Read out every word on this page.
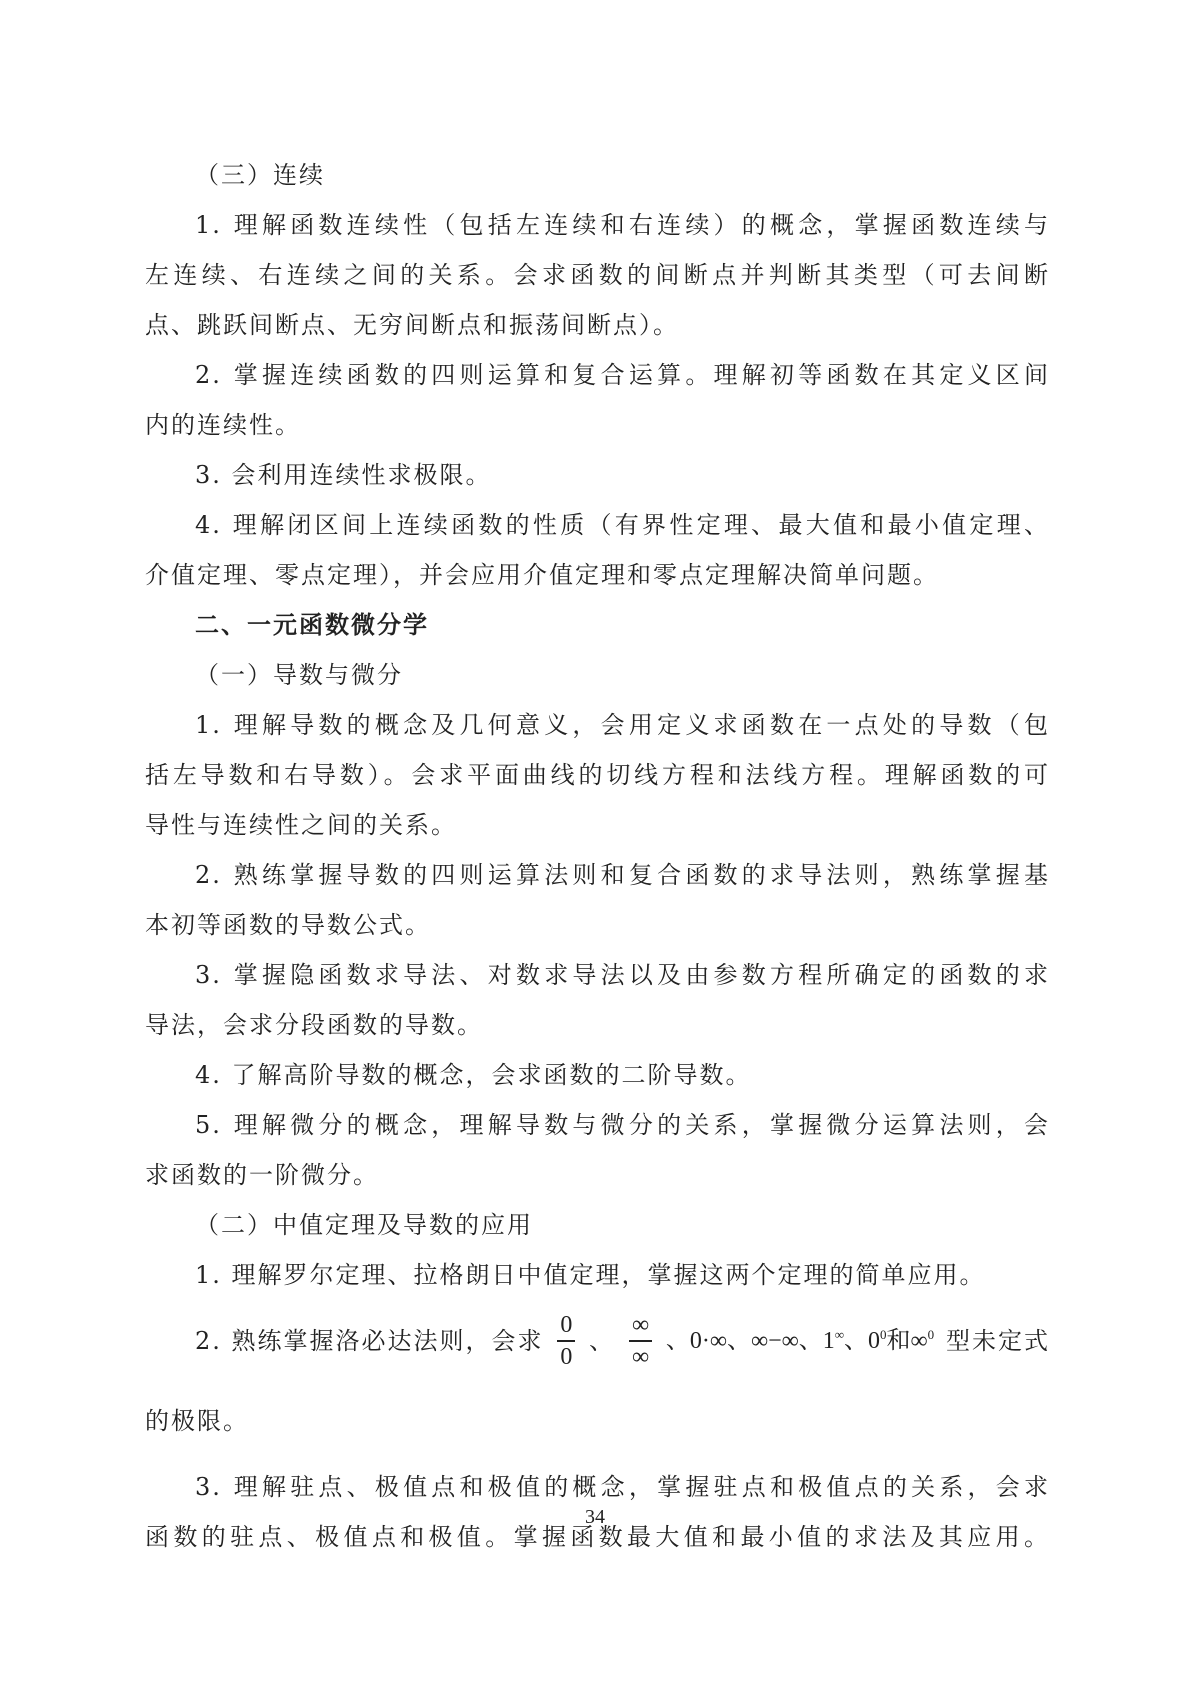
（三）连续
1. 理解函数连续性（包括左连续和右连续）的概念，掌握函数连续与
左连续、右连续之间的关系。会求函数的间断点并判断其类型（可去间断
点、跳跃间断点、无穷间断点和振荡间断点）。
2. 掌握连续函数的四则运算和复合运算。理解初等函数在其定义区间
内的连续性。
3. 会利用连续性求极限。
4. 理解闭区间上连续函数的性质（有界性定理、最大值和最小值定理、
介值定理、零点定理），并会应用介值定理和零点定理解决简单问题。
二、一元函数微分学
（一）导数与微分
1. 理解导数的概念及几何意义，会用定义求函数在一点处的导数（包
括左导数和右导数）。会求平面曲线的切线方程和法线方程。理解函数的可
导性与连续性之间的关系。
2. 熟练掌握导数的四则运算法则和复合函数的求导法则，熟练掌握基
本初等函数的导数公式。
3. 掌握隐函数求导法、对数求导法以及由参数方程所确定的函数的求
导法，会求分段函数的导数。
4. 了解高阶导数的概念，会求函数的二阶导数。
5. 理解微分的概念，理解导数与微分的关系，掌握微分运算法则，会
求函数的一阶微分。
（二）中值定理及导数的应用
1. 理解罗尔定理、拉格朗日中值定理，掌握这两个定理的简单应用。
2. 熟练掌握洛必达法则，会求 $\frac{0}{0}$ 、 $\frac{\infty}{\infty}$ 、0·∞、∞−∞、1∞、$0^0$和∞$^0$ 型未定式
的极限。
3. 理解驻点、极值点和极值的概念，掌握驻点和极值点的关系，会求
函数的驻点、极值点和极值。掌握函数最大值和最小值的求法及其应用。
34
